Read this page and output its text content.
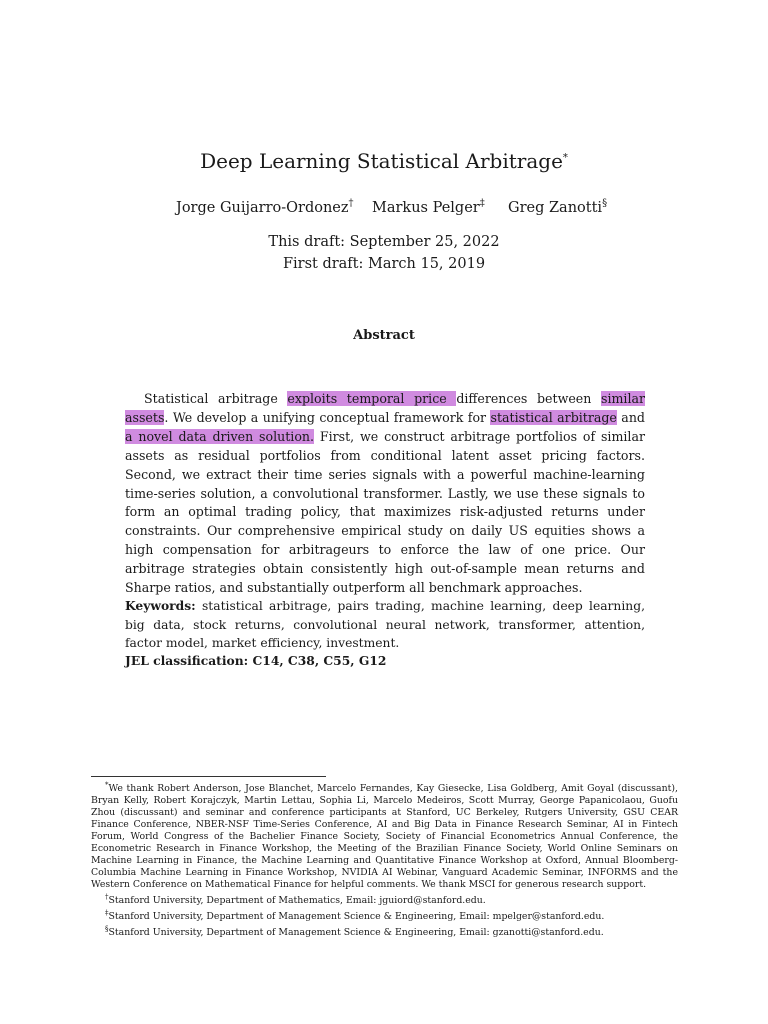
Deep Learning Statistical Arbitrage*
Jorge Guijarro-Ordonez† Markus Pelger‡ Greg Zanotti§
This draft: September 25, 2022
First draft: March 15, 2019
Abstract
Statistical arbitrage exploits temporal price differences between similar assets. We develop a unifying conceptual framework for statistical arbitrage and a novel data driven solution. First, we construct arbitrage portfolios of similar assets as residual portfolios from conditional latent asset pricing factors. Second, we extract their time series signals with a powerful machine-learning time-series solution, a convolutional transformer. Lastly, we use these signals to form an optimal trading policy, that maximizes risk-adjusted returns under constraints. Our comprehensive empirical study on daily US equities shows a high compensation for arbitrageurs to enforce the law of one price. Our arbitrage strategies obtain consistently high out-of-sample mean returns and Sharpe ratios, and substantially outperform all benchmark approaches.
Keywords: statistical arbitrage, pairs trading, machine learning, deep learning, big data, stock returns, convolutional neural network, transformer, attention, factor model, market efficiency, investment.
JEL classification: C14, C38, C55, G12

*We thank Robert Anderson, Jose Blanchet, Marcelo Fernandes, Kay Giesecke, Lisa Goldberg, Amit Goyal (discussant), Bryan Kelly, Robert Korajczyk, Martin Lettau, Sophia Li, Marcelo Medeiros, Scott Murray, George Papanicolaou, Guofu Zhou (discussant) and seminar and conference participants at Stanford, UC Berkeley, Rutgers University, GSU CEAR Finance Conference, NBER-NSF Time-Series Conference, AI and Big Data in Finance Research Seminar, AI in Fintech Forum, World Congress of the Bachelier Finance Society, Society of Financial Econometrics Annual Conference, the Econometric Research in Finance Workshop, the Meeting of the Brazilian Finance Society, World Online Seminars on Machine Learning in Finance, the Machine Learning and Quantitative Finance Workshop at Oxford, Annual Bloomberg-Columbia Machine Learning in Finance Workshop, NVIDIA AI Webinar, Vanguard Academic Seminar, INFORMS and the Western Conference on Mathematical Finance for helpful comments. We thank MSCI for generous research support.

†Stanford University, Department of Mathematics, Email: jguiord@stanford.edu.

‡Stanford University, Department of Management Science & Engineering, Email: mpelger@stanford.edu.

§Stanford University, Department of Management Science & Engineering, Email: gzanotti@stanford.edu.
